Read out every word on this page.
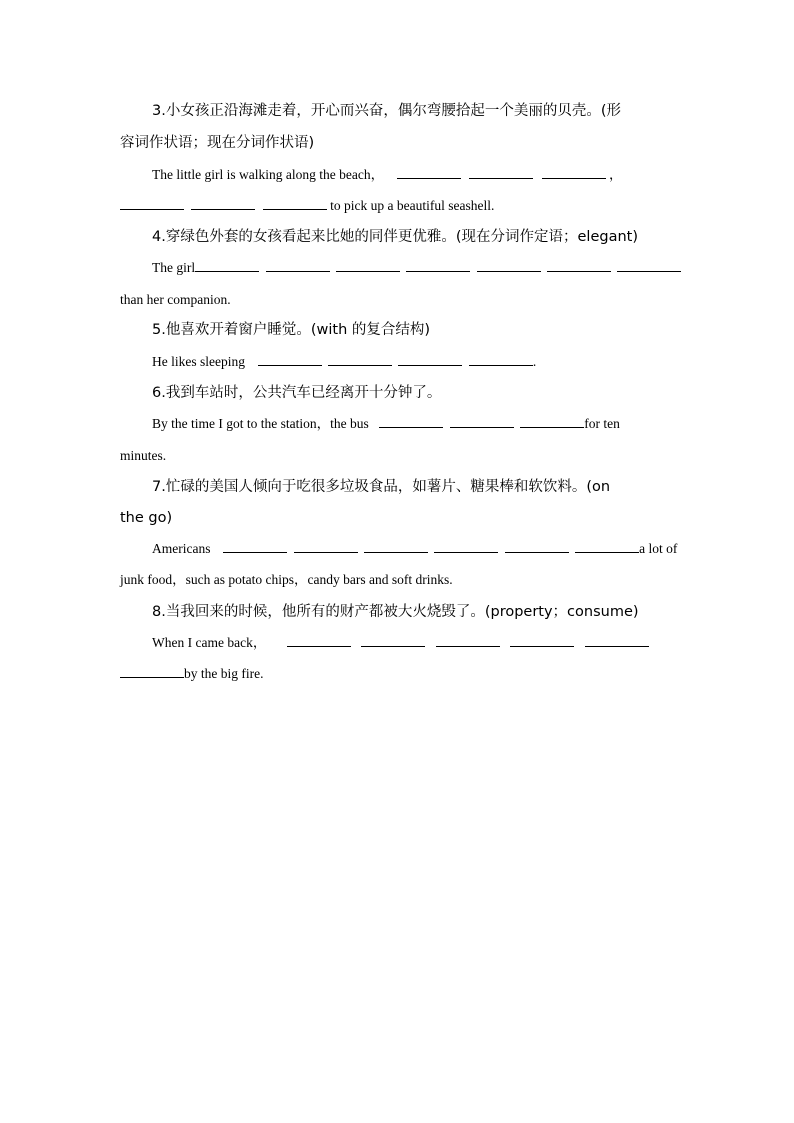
3.小女孩正沿海滩走着，开心而兴奋，偶尔弯腰拾起一个美丽的贝壳。(形
容词作状语；现在分词作状语)
The little girl is walking along the beach，	，
to pick up a beautiful seashell.
4.穿绿色外套的女孩看起来比她的同伴更优雅。(现在分词作定语；elegant)
The girl
than her companion.
5.他喜欢开着窗户睡觉。(with 的复合结构)
He likes sleeping	.
6.我到车站时，公共汽车已经离开十分钟了。
By the time I got to the station，the bus	for ten
minutes.
7.忙碌的美国人倾向于吃很多垃圾食品，如薯片、糖果棒和软饮料。(on
the go)
Americans	a lot of
junk food，such as potato chips，candy bars and soft drinks.
8.当我回来的时候，他所有的财产都被大火烧毁了。(property；consume)
When I came back，
by the big fire.
